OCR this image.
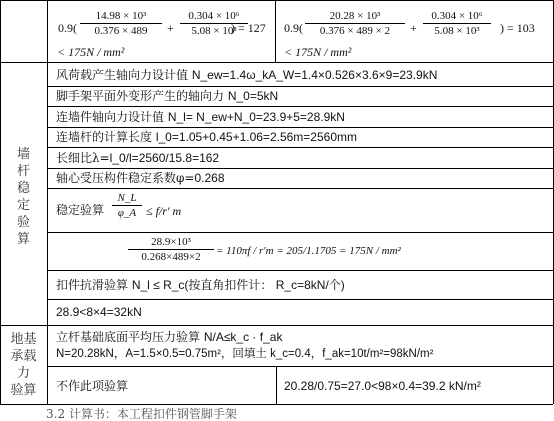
0.9(
14.98 × 10³
0.376 × 489 +
0.304 × 10⁶
5.08 × 10³
) = 127
< 175N / mm²
0.9(
20.28 × 10³
0.376 × 489 × 2 +
0.304 × 10⁶
5.08 × 10³ ) = 103
< 175N / mm²
墙
杆
稳
定
验
算
风荷载产生轴向力设计值 N_ew=1.4ω_kA_W=1.4×0.526×3.6×9=23.9kN
脚手架平面外变形产生的轴向力 N_0=5kN
连墙件轴向力设计值 N_l= N_ew+N_0=23.9+5=28.9kN
连墙杆的计算长度 l_0=1.05+0.45+1.06=2.56m=2560mm
长细比λ=l_0/l=2560/15.8=162
轴心受压构件稳定系数φ=0.268
稳定验算
N_L
φ_A ≤ f/r′ m
28.9×10³
0.268×489×2 = 110πf / r′m = 205/1.1705 = 175N / mm²
扣件抗滑验算 N_l ≤ R_c(按直角扣件计： R_c=8kN/个)
28.9<8×4=32kN
地基
承载
力
验算
立杆基础底面平均压力验算 N/A≤k_c · f_ak
N=20.28kN，A=1.5×0.5=0.75m²，回填土 k_c=0.4，f_ak=10t/m²=98kN/m²
不作此项验算	20.28/0.75=27.0<98×0.4=39.2 kN/m²
3.2 计算书：本工程扣件钢管脚手架
